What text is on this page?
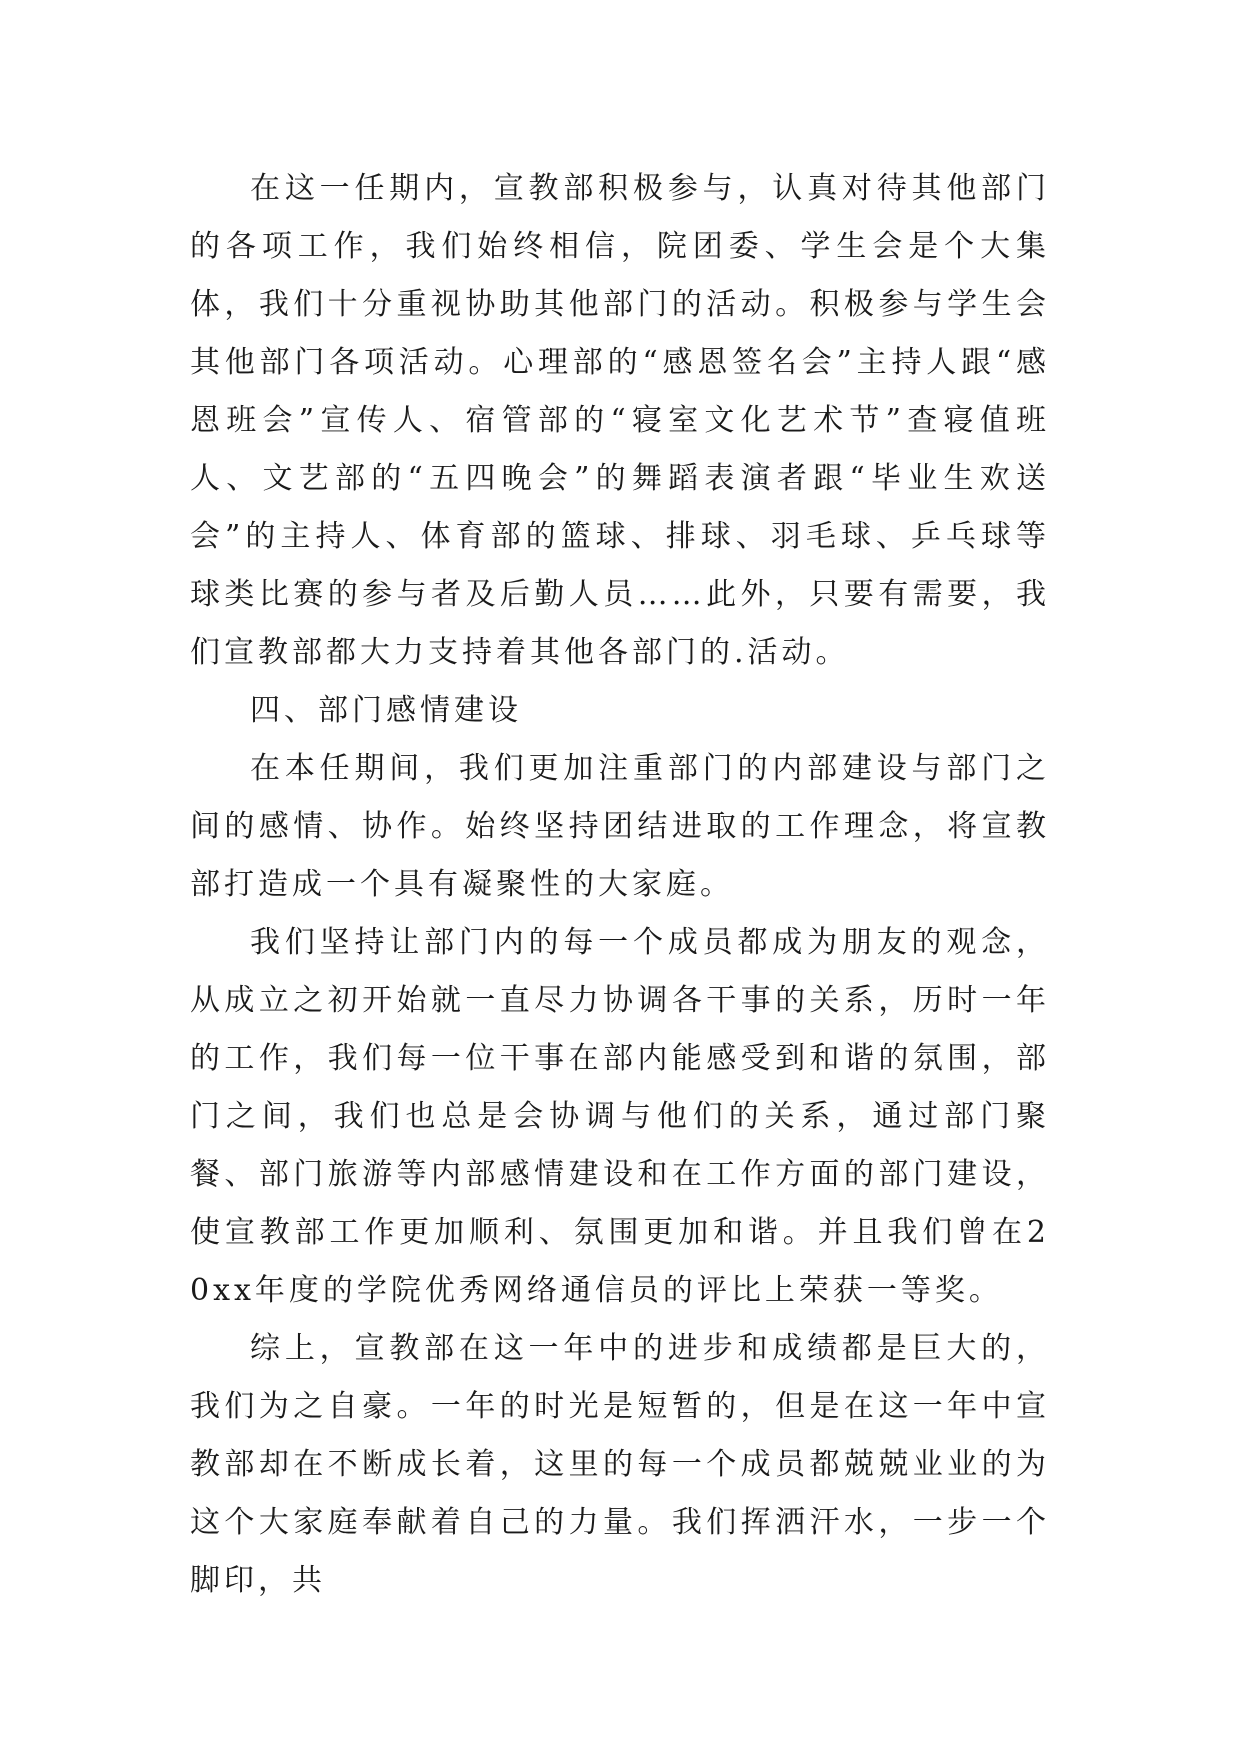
在这一任期内，宣教部积极参与，认真对待其他部门的各项工作，我们始终相信，院团委、学生会是个大集体，我们十分重视协助其他部门的活动。积极参与学生会其他部门各项活动。心理部的“感恩签名会”主持人跟“感恩班会”宣传人、宿管部的“寝室文化艺术节”查寝值班人、文艺部的“五四晚会”的舞蹈表演者跟“毕业生欢送会”的主持人、体育部的篮球、排球、羽毛球、乒乓球等球类比赛的参与者及后勤人员……此外，只要有需要，我们宣教部都大力支持着其他各部门的.活动。

四、部门感情建设

在本任期间，我们更加注重部门的内部建设与部门之间的感情、协作。始终坚持团结进取的工作理念，将宣教部打造成一个具有凝聚性的大家庭。

我们坚持让部门内的每一个成员都成为朋友的观念，从成立之初开始就一直尽力协调各干事的关系，历时一年的工作，我们每一位干事在部内能感受到和谐的氛围，部门之间，我们也总是会协调与他们的关系，通过部门聚餐、部门旅游等内部感情建设和在工作方面的部门建设，使宣教部工作更加顺利、氛围更加和谐。并且我们曾在20xx年度的学院优秀网络通信员的评比上荣获一等奖。

综上，宣教部在这一年中的进步和成绩都是巨大的，我们为之自豪。一年的时光是短暂的，但是在这一年中宣教部却在不断成长着，这里的每一个成员都兢兢业业的为这个大家庭奉献着自己的力量。我们挥洒汗水，一步一个脚印，共
